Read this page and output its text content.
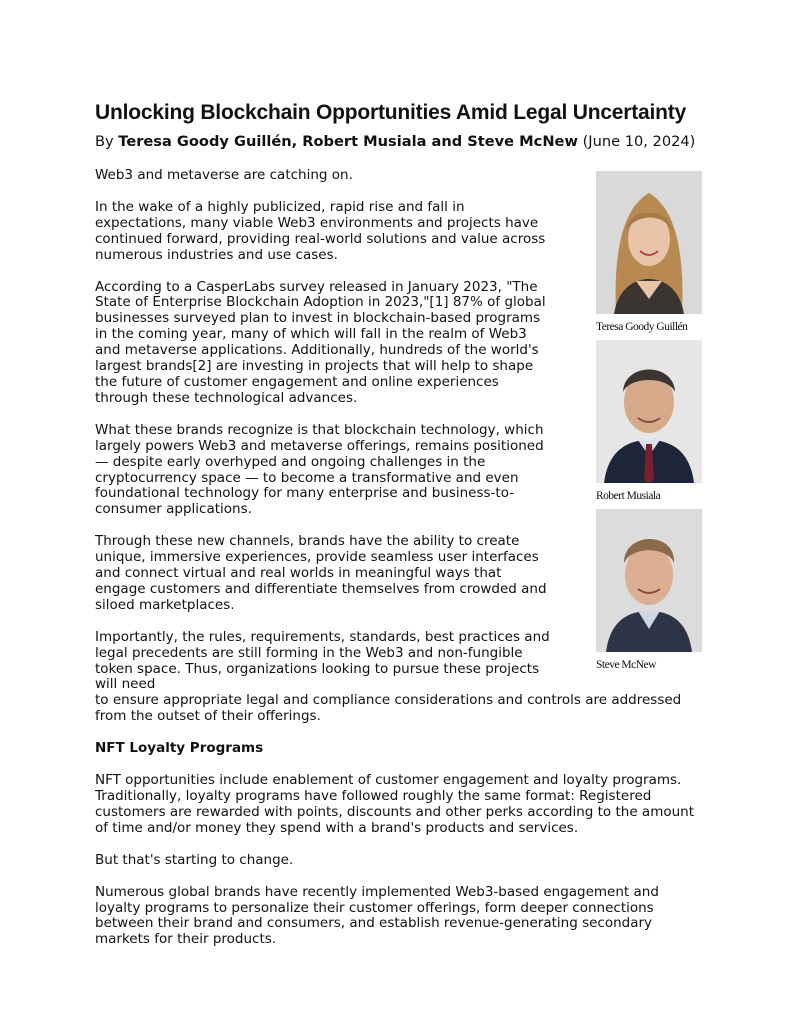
Unlocking Blockchain Opportunities Amid Legal Uncertainty
By Teresa Goody Guillén, Robert Musiala and Steve McNew (June 10, 2024)
Teresa Goody Guillén
Robert Musiala
Steve McNew

Web3 and metaverse are catching on.

In the wake of a highly publicized, rapid rise and fall in expectations, many viable Web3 environments and projects have continued forward, providing real-world solutions and value across numerous industries and use cases.

According to a CasperLabs survey released in January 2023, "The State of Enterprise Blockchain Adoption in 2023,"[1] 87% of global businesses surveyed plan to invest in blockchain-based programs in the coming year, many of which will fall in the realm of Web3 and metaverse applications. Additionally, hundreds of the world's largest brands[2] are investing in projects that will help to shape the future of customer engagement and online experiences through these technological advances.

What these brands recognize is that blockchain technology, which largely powers Web3 and metaverse offerings, remains positioned — despite early overhyped and ongoing challenges in the cryptocurrency space — to become a transformative and even foundational technology for many enterprise and business-to-consumer applications.

Through these new channels, brands have the ability to create unique, immersive experiences, provide seamless user interfaces and connect virtual and real worlds in meaningful ways that engage customers and differentiate themselves from crowded and siloed marketplaces.

Importantly, the rules, requirements, standards, best practices and legal precedents are still forming in the Web3 and non-fungible token space. Thus, organizations looking to pursue these projects will need

to ensure appropriate legal and compliance considerations and controls are addressed from the outset of their offerings.

NFT Loyalty Programs

NFT opportunities include enablement of customer engagement and loyalty programs. Traditionally, loyalty programs have followed roughly the same format: Registered customers are rewarded with points, discounts and other perks according to the amount of time and/or money they spend with a brand's products and services.

But that's starting to change.

Numerous global brands have recently implemented Web3-based engagement and loyalty programs to personalize their customer offerings, form deeper connections between their brand and consumers, and establish revenue-generating secondary markets for their products.
